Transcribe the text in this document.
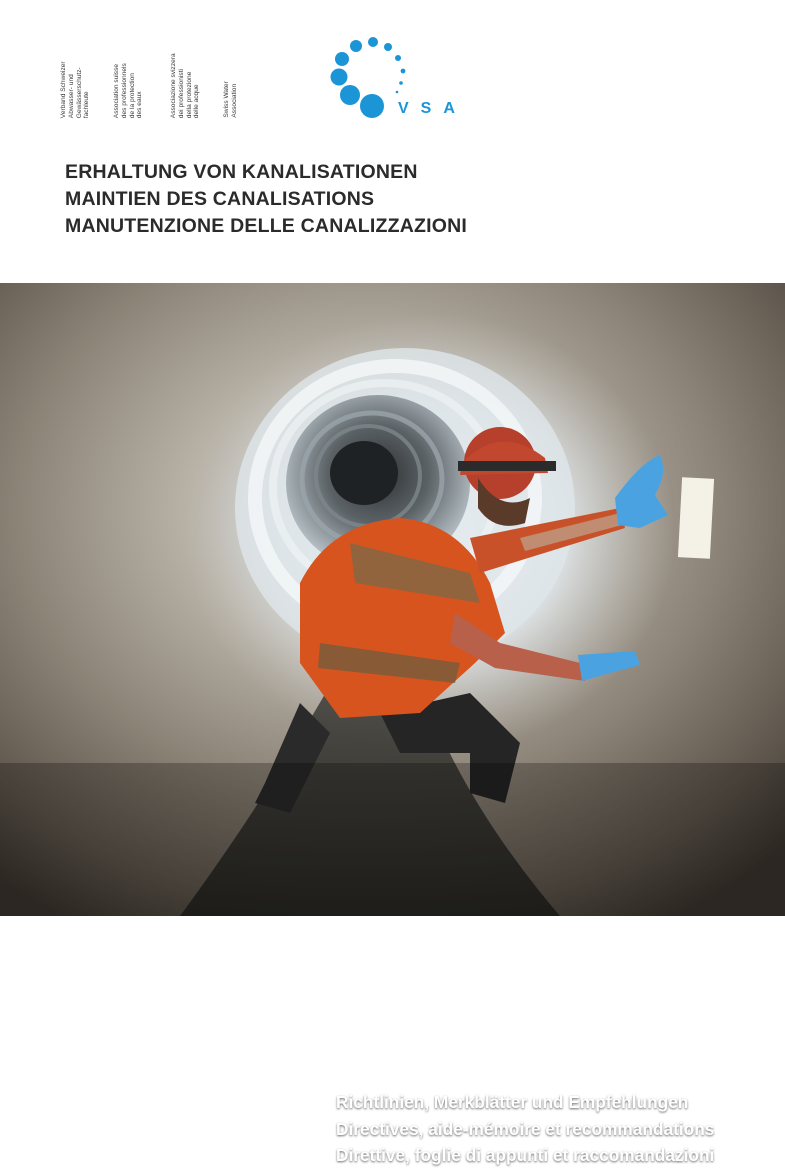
Verband Schweizer
Abwasser- und
Gewässerschutz-
fachleute	Association suisse
des professionnels
de la protection
des eaux	Associazione svizzera
dei professionisti
della protezione
delle acque
Swiss Water
Association	VSA
ERHALTUNG VON KANALISATIONEN
MAINTIEN DES CANALISATIONS
MANUTENZIONE DELLE CANALIZZAZIONI
Richtlinien, Merkblätter und Empfehlungen
Directives, aide-mémoire et recommandations
Direttive, foglie di appunti et raccomandazioni
